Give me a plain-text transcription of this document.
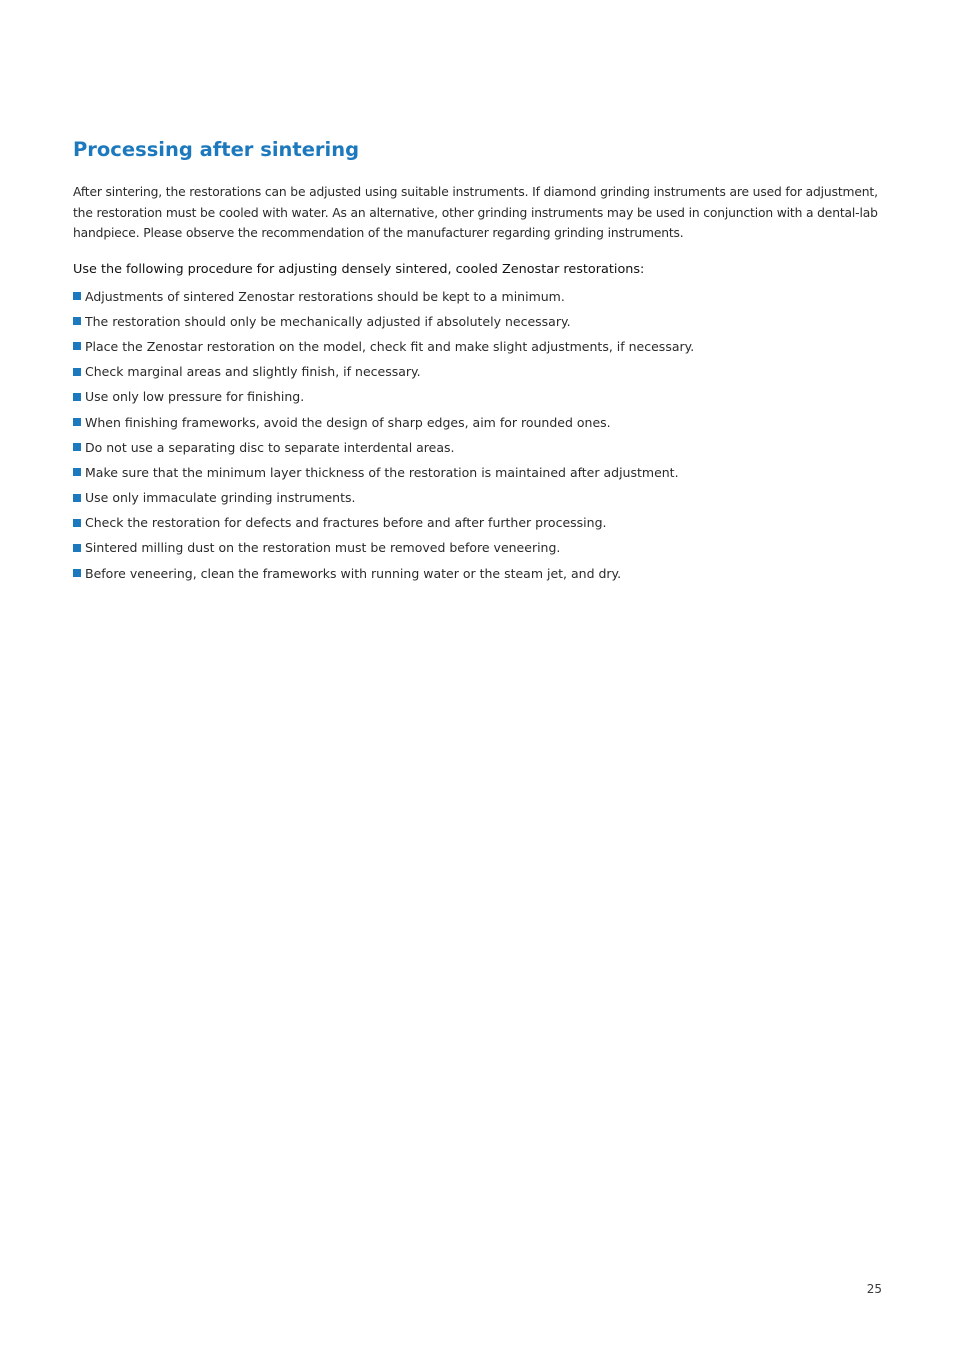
Processing after sintering

After sintering, the restorations can be adjusted using suitable instruments. If diamond grinding instruments are used for adjustment, the restoration must be cooled with water. As an alternative, other grinding instruments may be used in conjunction with a dental-lab handpiece. Please observe the recommendation of the manufacturer regarding grinding instruments.

Use the following procedure for adjusting densely sintered, cooled Zenostar restorations:

Adjustments of sintered Zenostar restorations should be kept to a minimum.
The restoration should only be mechanically adjusted if absolutely necessary.
Place the Zenostar restoration on the model, check fit and make slight adjustments, if necessary.
Check marginal areas and slightly finish, if necessary.
Use only low pressure for finishing.
When finishing frameworks, avoid the design of sharp edges, aim for rounded ones.
Do not use a separating disc to separate interdental areas.
Make sure that the minimum layer thickness of the restoration is maintained after adjustment.
Use only immaculate grinding instruments.
Check the restoration for defects and fractures before and after further processing.
Sintered milling dust on the restoration must be removed before veneering.
Before veneering, clean the frameworks with running water or the steam jet, and dry.
25
